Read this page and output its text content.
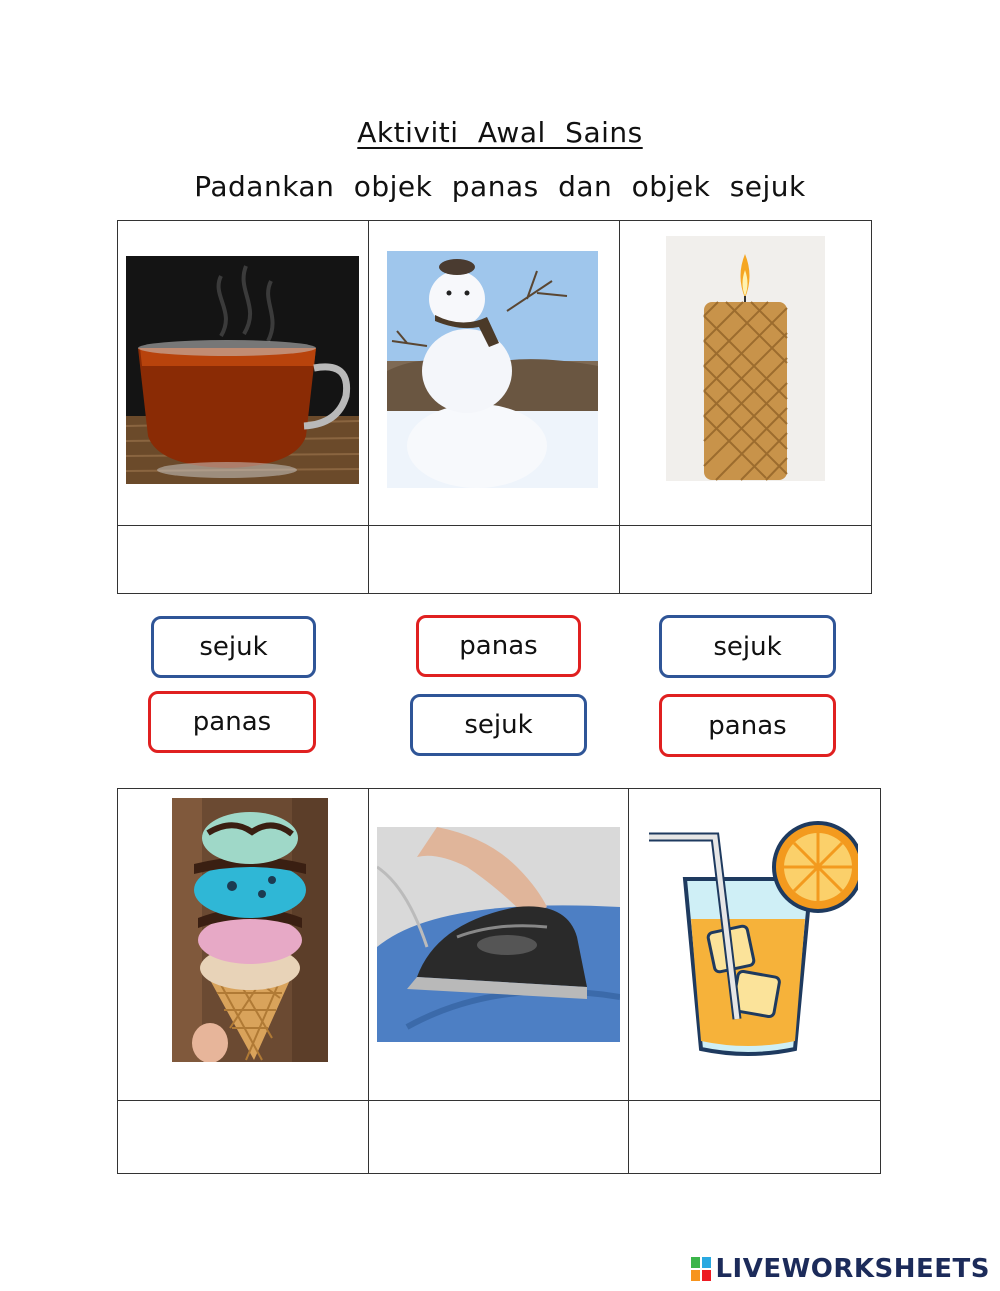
Aktiviti Awal Sains
Padankan objek panas dan objek sejuk

sejuk	panas	sejuk
panas	sejuk	panas

LIVEWORKSHEETS
